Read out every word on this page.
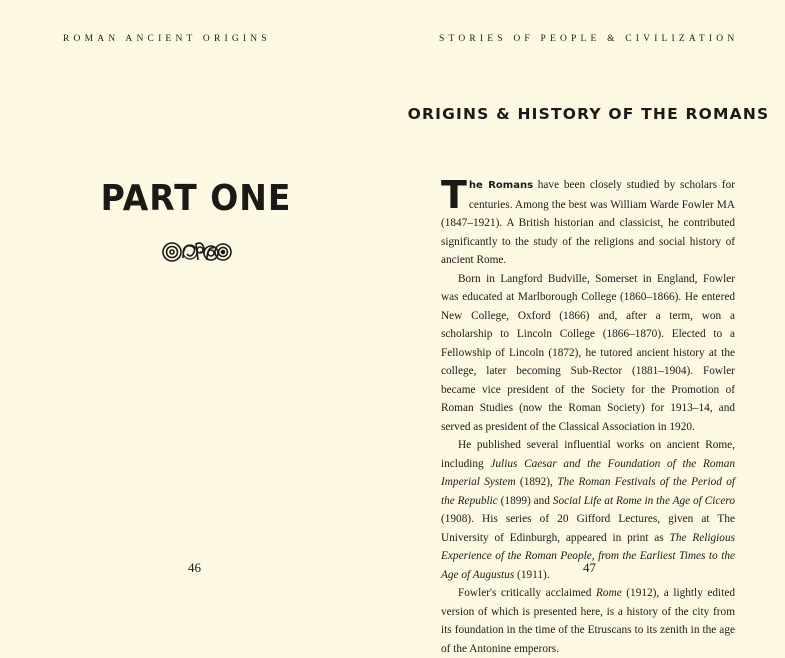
ROMAN ANCIENT ORIGINS
PART ONE
46
STORIES OF PEOPLE & CIVILIZATION
ORIGINS & HISTORY OF THE ROMANS

The Romans have been closely studied by scholars for centuries. Among the best was William Warde Fowler MA (1847–1921). A British historian and classicist, he contributed significantly to the study of the religions and social history of ancient Rome.

Born in Langford Budville, Somerset in England, Fowler was educated at Marlborough College (1860–1866). He entered New College, Oxford (1866) and, after a term, won a scholarship to Lincoln College (1866–1870). Elected to a Fellowship of Lincoln (1872), he tutored ancient history at the college, later becoming Sub-Rector (1881–1904). Fowler became vice president of the Society for the Promotion of Roman Studies (now the Roman Society) for 1913–14, and served as president of the Classical Association in 1920.

He published several influential works on ancient Rome, including Julius Caesar and the Foundation of the Roman Imperial System (1892), The Roman Festivals of the Period of the Republic (1899) and Social Life at Rome in the Age of Cicero (1908). His series of 20 Gifford Lectures, given at The University of Edinburgh, appeared in print as The Religious Experience of the Roman People, from the Earliest Times to the Age of Augustus (1911).

Fowler's critically acclaimed Rome (1912), a lightly edited version of which is presented here, is a history of the city from its foundation in the time of the Etruscans to its zenith in the age of the Antonine emperors.

47
